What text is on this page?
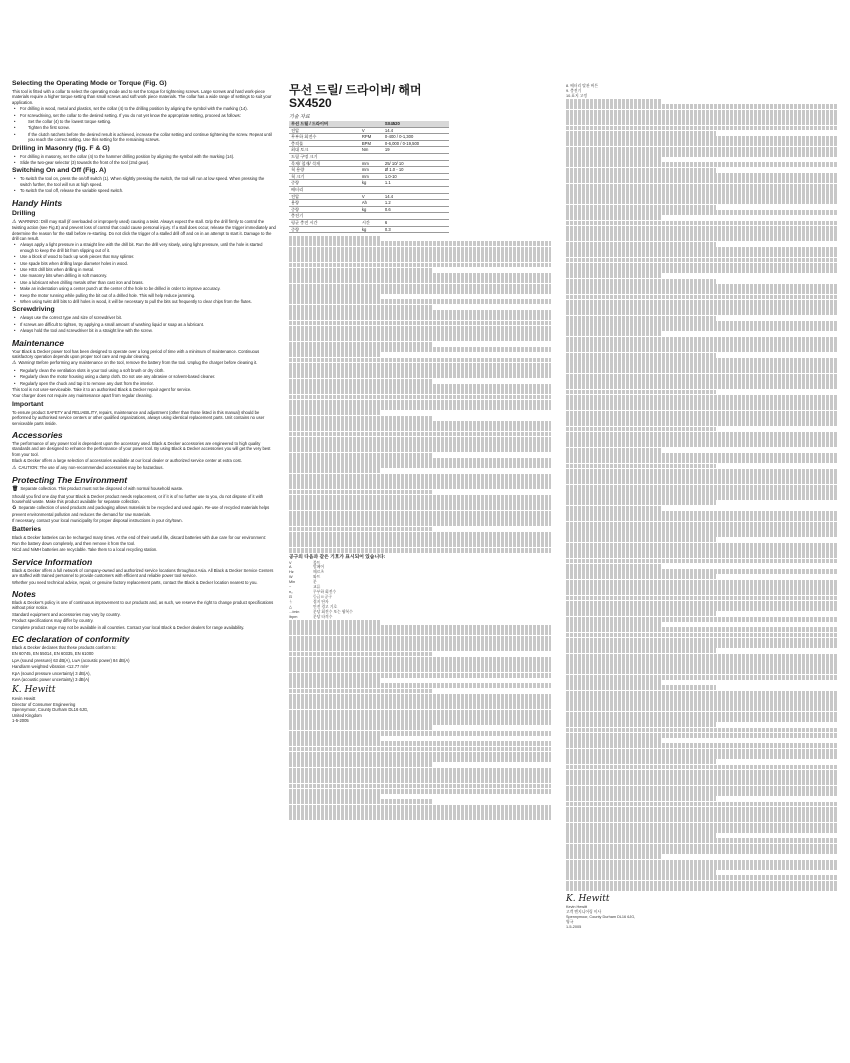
Selecting the Operating Mode or Torque (Fig. G)

This tool is fitted with a collar to select the operating mode and to set the torque for tightening screws. Large screws and hard work-piece materials require a higher torque setting than small screws and soft work piece materials. The collar has a wide range of settings to suit your application.

• For drilling in wood, metal and plastics, set the collar (4) to the drilling position by aligning the symbol with the marking (14).

• For screwdriving, set the collar to the desired setting. If you do not yet know the appropriate setting, proceed as follows:

• Set the collar (4) to the lowest torque setting.

• Tighten the first screw.

• If the clutch ratchets before the desired result is achieved, increase the collar setting and continue tightening the screw. Repeat until you reach the correct setting. Use this setting for the remaining screws.

Drilling in Masonry (fig. F & G)

• For drilling in masonry, set the collar (4) to the hammer drilling position by aligning the symbol with the marking (14).

• Slide the two-gear selector (3) towards the front of the tool (2nd gear).

Switching On and Off (Fig. A)

• To switch the tool on, press the on/off switch (1). When slightly pressing the switch, the tool will run at low speed. When pressing the switch further, the tool will run at high speed.

• To switch the tool off, release the variable speed switch.

Handy Hints
Drilling

⚠ WARNING: Drill may stall (if overloaded or improperly used) causing a twist. Always expect the stall. Grip the drill firmly to control the twisting action (see Fig.E) and prevent loss of control that could cause personal injury. If a stall does occur, release the trigger immediately and determine the reason for the stall before re-starting. Do not click the trigger of a stalled drill off and on in an attempt to start it. Damage to the drill can result.

• Always apply a light pressure in a straight line with the drill bit. Run the drill very slowly, using light pressure, until the hole is started enough to keep the drill bit from slipping out of it.

• Use a block of wood to back up work pieces that may splinter.

• Use spade bits when drilling large diameter holes in wood.

• Use HSS drill bits when drilling in metal.

• Use masonry bits when drilling in soft masonry.

• Use a lubricant when drilling metals other than cast iron and brass.

• Make an indentation using a center punch at the center of the hole to be drilled in order to improve accuracy.

• Keep the motor running while pulling the bit out of a drilled hole. This will help reduce jamming.

• When using twist drill bits to drill holes in wood, it will be necessary to pull the bits out frequently to clear chips from the flutes.

Screwdriving

• Always use the correct type and size of screwdriver bit.

• If screws are difficult to tighten, try applying a small amount of washing liquid or soap as a lubricant.

• Always hold the tool and screwdriver bit in a straight line with the screw.

Maintenance

Your Black & Decker power tool has been designed to operate over a long period of time with a minimum of maintenance. Continuous satisfactory operation depends upon proper tool care and regular cleaning.

⚠ Warning! Before performing any maintenance on the tool, remove the battery from the tool. Unplug the charger before cleaning it.

• Regularly clean the ventilation slots in your tool using a soft brush or dry cloth.

• Regularly clean the motor housing using a damp cloth. Do not use any abrasive or solvent-based cleaner.

• Regularly open the chuck and tap it to remove any dust from the interior.

This tool is not user-serviceable. Take it to an authorised Black & Decker repair agent for service.

Your charger does not require any maintenance apart from regular cleaning.

Important

To ensure product SAFETY and RELIABILITY, repairs, maintenance and adjustment (other than those listed in this manual) should be performed by authorised service centers or other qualified organizations, always using identical replacement parts. Unit contains no user serviceable parts inside.

Accessories

The performance of any power tool is dependent upon the accessory used. Black & Decker accessories are engineered to high quality standards and are designed to enhance the performance of your power tool. By using Black & Decker accessories you will get the very best from your tool.

Black & Decker offers a large selection of accessories available at our local dealer or authorized service center at extra cost.

⚠ CAUTION: The use of any non-recommended accessories may be hazardous.

Protecting The Environment

🗑 Separate collection. This product must not be disposed of with normal household waste.

Should you find one day that your Black & Decker product needs replacement, or if it is of no further use to you, do not dispose of it with household waste. Make this product available for separate collection.

♻ Separate collection of used products and packaging allows materials to be recycled and used again. Re-use of recycled materials helps prevent environmental pollution and reduces the demand for raw materials.

If necessary, contact your local municipality for proper disposal instructions in your city/town.

Batteries

Black & Decker batteries can be recharged many times. At the end of their useful life, discard batteries with due care for our environment:

Run the battery down completely, and then remove it from the tool.

NiCd and NiMH batteries are recyclable. Take them to a local recycling station.

Service Information

Black & Decker offers a full network of company-owned and authorized service locations throughout Asia. All Black & Decker Service Centers are staffed with trained personnel to provide customers with efficient and reliable power tool service.

Whether you need technical advice, repair, or genuine factory replacement parts, contact the Black & Decker location nearest to you.

Notes

Black & Decker's policy is one of continuous improvement to our products and, as such, we reserve the right to change product specifications without prior notice.

Standard equipment and accessories may vary by country.

Product specifications may differ by country.

Complete product range may not be available in all countries. Contact your local Black & Decker dealers for range availability.

EC declaration of conformity

Black & Decker declares that these products conform to:

EN 60745, EN 55014, EN 60335, EN 61000

LpA (sound pressure) 63 dB(A), LwA (acoustic power) 84 dB(A)

Hand/arm weighted vibration <12.77 m/s²

KpA (sound pressure uncertainty) 3 dB(A),

KwA (acoustic power uncertainty) 3 dB(A)

K. Hewitt
Kevin Hewitt
Director of Consumer Engineering
Spennymoor, County Durham DL16 6JG,
United Kingdom
1-5-2005
무선 드릴/ 드라이버/ 해머
SX4520
기술 자료
무선 드릴 / 드라이버		SX4520
전압	V	14.4
무부하 회전수	RPM	0-400 / 0-1,300
충격률	BPM	0-6,000 / 0-19,500
최대 토크	Nm	19
드릴 구멍 크기		
목재/ 철재/ 석재	mm	25/ 10/ 10
척 용량	mm	Ø 1.0 - 10
척 크기	mm	1.0-10
중량	kg	1.1
배터리		
전압	V	14.4
용량	Ah	1.2
중량	kg	0.6
충전기		
평균 충전 시간	시간	6
중량	kg	0.3
공구의 다음과 같은 기호가 표시되어 있습니다:
V	볼트
A	암페어
Hz	헤르츠
W	와트
Min	분
~	교류
n₀	무부하 회전수
⊡	등급 II 공구
⏚	접지 단자
△	안전 경고 기호
.../min	분당 회전수 또는 왕복수
/bpm	분당 타격수
8. 배터리 탈관 버튼
9. 충전기
10.표지 고정
K. Hewitt
Kevin Hewitt
고객 엔지니어링 이사
Spennymoor, County Durham DL16 6JG,
영국
1-5-2005
